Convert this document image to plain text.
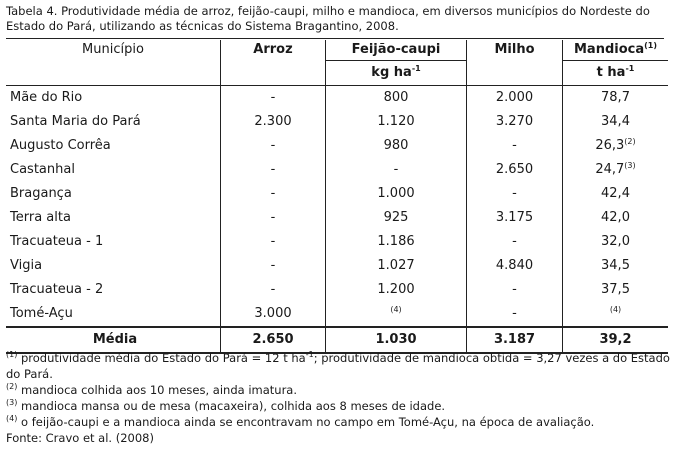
Tabela 4. Produtividade média de arroz, feijão-caupi, milho e mandioca, em diversos municípios do Nordeste do Estado do Pará, utilizando as técnicas do Sistema Bragantino, 2008.
Município	Arroz	Feijão-caupi	Milho	Mandioca$^{(1)}$
		kg $ha^{-1}$		t $ha^{-1}$
Mãe do Rio	-	800	2.000	78,7
Santa Maria do Pará	2.300	1.120	3.270	34,4
Augusto Corrêa	-	980	-	26,3$^{(2)}$
Castanhal	-	-	2.650	24,7$^{(3)}$
Bragança	-	1.000	-	42,4
Terra alta	-	925	3.175	42,0
Tracuateua - 1	-	1.186	-	32,0
Vigia	-	1.027	4.840	34,5
Tracuateua - 2	-	1.200	-	37,5
Tomé-Açu	3.000	$^{(4)}$	-	$^{(4)}$
Média	2.650	1.030	3.187	39,2
$^{(1)}$ produtividade média do Estado do Pará = 12 t ha$^{-1}$; produtividade de mandioca obtida = 3,27 vezes a do Estado do Pará.
$^{(2)}$ mandioca colhida aos 10 meses, ainda imatura.
$^{(3)}$ mandioca mansa ou de mesa (macaxeira), colhida aos 8 meses de idade.
$^{(4)}$ o feijão-caupi e a mandioca ainda se encontravam no campo em Tomé-Açu, na época de avaliação.
Fonte: Cravo et al. (2008)
